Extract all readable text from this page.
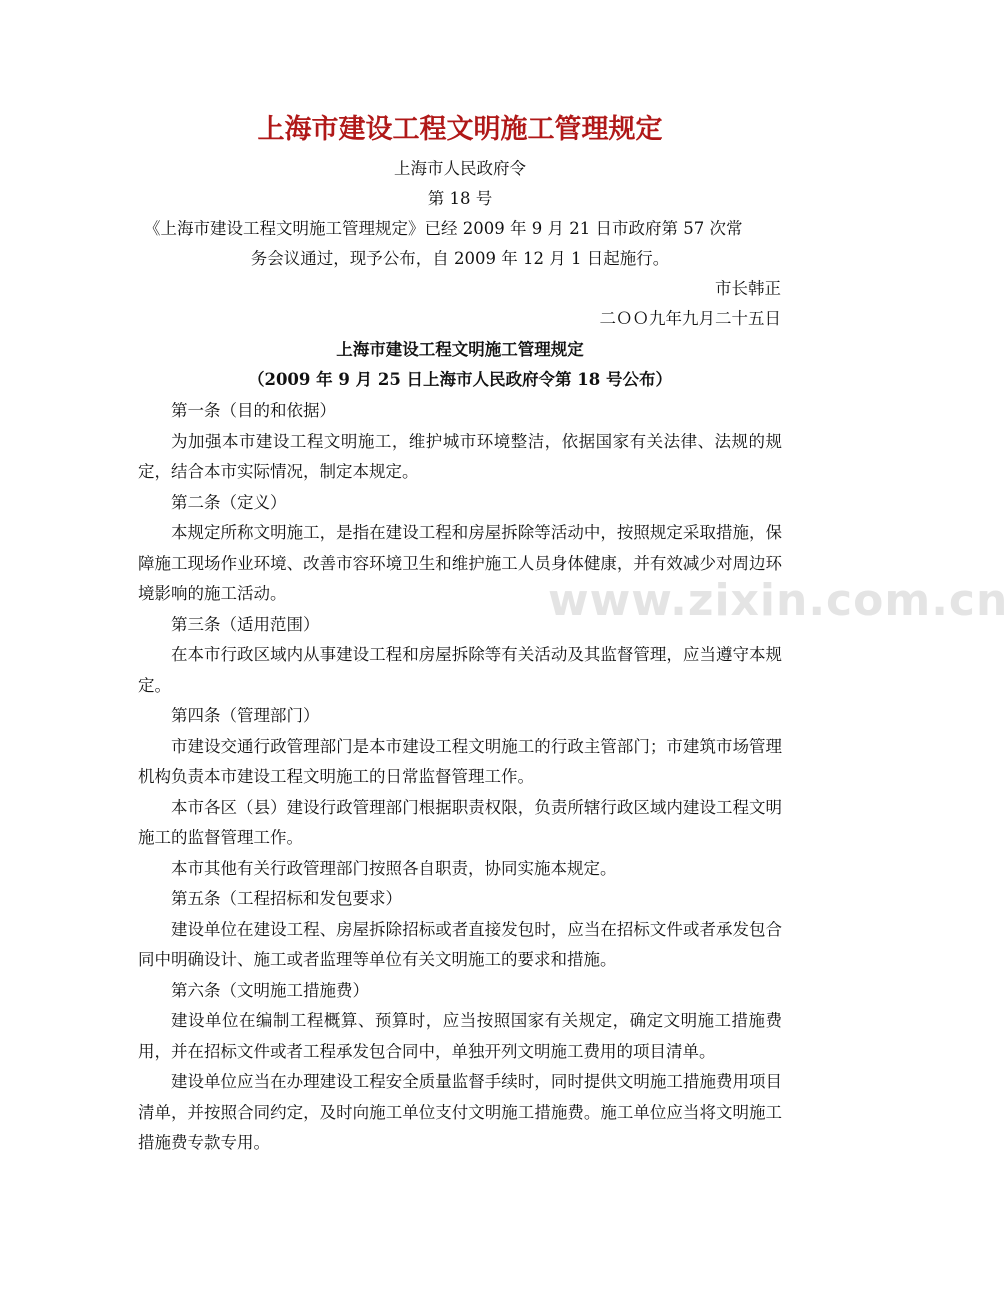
上海市建设工程文明施工管理规定
上海市人民政府令
第 18 号
《上海市建设工程文明施工管理规定》已经 2009 年 9 月 21 日市政府第 57 次常
务会议通过，现予公布，自 2009 年 12 月 1 日起施行。
市长韩正
二ＯＯ九年九月二十五日
上海市建设工程文明施工管理规定
（2009 年 9 月 25 日上海市人民政府令第 18 号公布）

第一条（目的和依据）

为加强本市建设工程文明施工，维护城市环境整洁，依据国家有关法律、法规的规定，结合本市实际情况，制定本规定。

第二条（定义）

本规定所称文明施工，是指在建设工程和房屋拆除等活动中，按照规定采取措施，保障施工现场作业环境、改善市容环境卫生和维护施工人员身体健康，并有效减少对周边环境影响的施工活动。

第三条（适用范围）

在本市行政区域内从事建设工程和房屋拆除等有关活动及其监督管理，应当遵守本规定。

第四条（管理部门）

市建设交通行政管理部门是本市建设工程文明施工的行政主管部门；市建筑市场管理机构负责本市建设工程文明施工的日常监督管理工作。

本市各区（县）建设行政管理部门根据职责权限，负责所辖行政区域内建设工程文明施工的监督管理工作。

本市其他有关行政管理部门按照各自职责，协同实施本规定。

第五条（工程招标和发包要求）

建设单位在建设工程、房屋拆除招标或者直接发包时，应当在招标文件或者承发包合同中明确设计、施工或者监理等单位有关文明施工的要求和措施。

第六条（文明施工措施费）

建设单位在编制工程概算、预算时，应当按照国家有关规定，确定文明施工措施费用，并在招标文件或者工程承发包合同中，单独开列文明施工费用的项目清单。

建设单位应当在办理建设工程安全质量监督手续时，同时提供文明施工措施费用项目清单，并按照合同约定，及时向施工单位支付文明施工措施费。施工单位应当将文明施工措施费专款专用。

www.zixin.com.cn
